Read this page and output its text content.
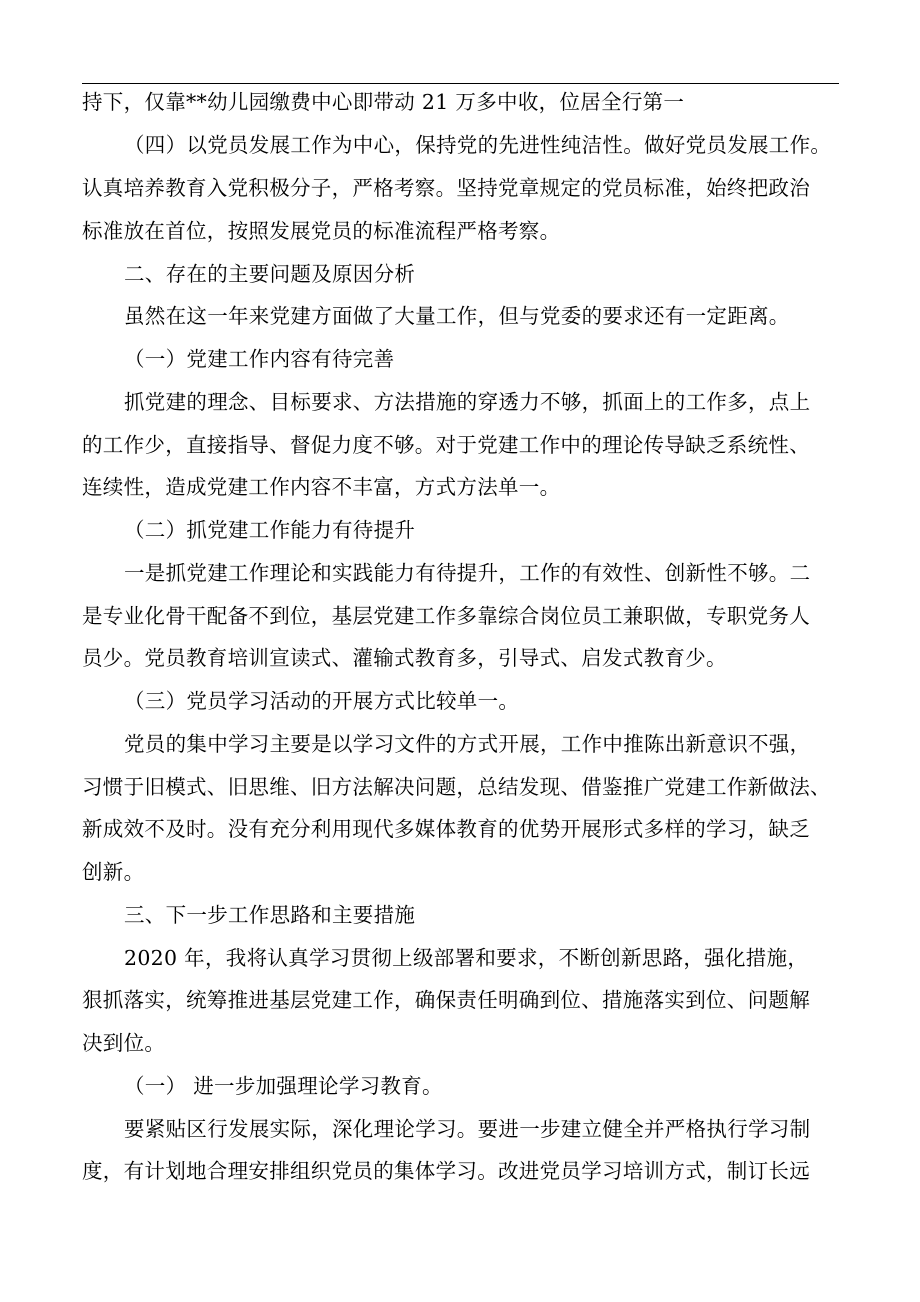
持下，仅靠**幼儿园缴费中心即带动 21 万多中收，位居全行第一
（四）以党员发展工作为中心，保持党的先进性纯洁性。做好党员发展工作。
认真培养教育入党积极分子，严格考察。坚持党章规定的党员标准，始终把政治
标准放在首位，按照发展党员的标准流程严格考察。
二、存在的主要问题及原因分析
虽然在这一年来党建方面做了大量工作，但与党委的要求还有一定距离。
（一）党建工作内容有待完善
抓党建的理念、目标要求、方法措施的穿透力不够，抓面上的工作多，点上
的工作少，直接指导、督促力度不够。对于党建工作中的理论传导缺乏系统性、
连续性，造成党建工作内容不丰富，方式方法单一。
（二）抓党建工作能力有待提升
一是抓党建工作理论和实践能力有待提升，工作的有效性、创新性不够。二
是专业化骨干配备不到位，基层党建工作多靠综合岗位员工兼职做，专职党务人
员少。党员教育培训宣读式、灌输式教育多，引导式、启发式教育少。
（三）党员学习活动的开展方式比较单一。
党员的集中学习主要是以学习文件的方式开展，工作中推陈出新意识不强，
习惯于旧模式、旧思维、旧方法解决问题，总结发现、借鉴推广党建工作新做法、
新成效不及时。没有充分利用现代多媒体教育的优势开展形式多样的学习，缺乏
创新。
三、下一步工作思路和主要措施
2020 年，我将认真学习贯彻上级部署和要求，不断创新思路，强化措施，
狠抓落实，统筹推进基层党建工作，确保责任明确到位、措施落实到位、问题解
决到位。
（一） 进一步加强理论学习教育。
要紧贴区行发展实际，深化理论学习。要进一步建立健全并严格执行学习制
度，有计划地合理安排组织党员的集体学习。改进党员学习培训方式，制订长远
